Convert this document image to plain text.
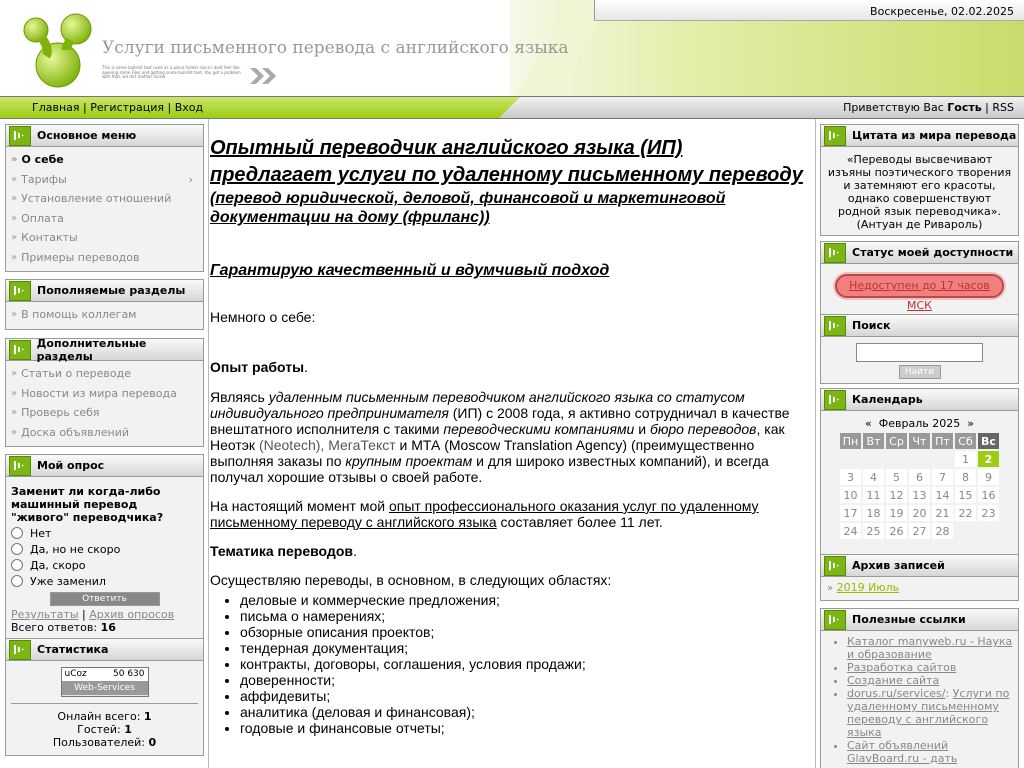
Воскресенье, 02.02.2025
Услуги письменного перевода с английского языка
This is some bullshit text used as a place holder since I dont feel like opening some Files and getting some bullshit text. You get a problem with that, we dirt mother fucker
Главная | Регистрация | Вход	Приветствую Вас Гость | RSS
Основное меню
» О себе
» Тарифы	›
» Установление отношений
» Оплата
» Контакты
» Примеры переводов
Пополняемые разделы
» В помощь коллегам
Дополнительные разделы
» Статьи о переводе
» Новости из мира перевода
» Проверь себя
» Доска объявлений
Мой опрос
Заменит ли когда-либо машинный перевод "живого" переводчика?
Нет
Да, но не скоро
Да, скоро
Уже заменил
Ответить
Результаты | Архив опросов
Всего ответов: 16
Статистика
uCoz	50 630
Web-Services
Онлайн всего: 1
Гостей: 1
Пользователей: 0
Опытный переводчик английского языка (ИП) предлагает услуги по удаленному письменному переводу
(перевод юридической, деловой, финансовой и маркетинговой документации на дому (фриланс))
Гарантирую качественный и вдумчивый подход

Немного о себе:

Опыт работы.

Являясь удаленным письменным переводчиком английского языка со статусом индивидуального предпринимателя (ИП) с 2008 года, я активно сотрудничал в качестве внештатного исполнителя с такими переводческими компаниями и бюро переводов, как Неотэк (Neotech), МегаТекст и МТА (Moscow Translation Agency) (преимущественно выполняя заказы по крупным проектам и для широко известных компаний), и всегда получал хорошие отзывы о своей работе.

На настоящий момент мой опыт профессионального оказания услуг по удаленному письменному переводу с английского языка составляет более 11 лет.

Тематика переводов.

Осуществляю переводы, в основном, в следующих областях:

• деловые и коммерческие предложения;
• письма о намерениях;
• обзорные описания проектов;
• тендерная документация;
• контракты, договоры, соглашения, условия продажи;
• доверенности;
• аффидевиты;
• аналитика (деловая и финансовая);
• годовые и финансовые отчеты;
Цитата из мира перевода
«Переводы высвечивают изъяны поэтического творения и затемняют его красоты, однако совершенствуют родной язык переводчика».
(Антуан де Ривароль)
Статус моей доступности
Недоступен до 17 часов МСК
Поиск
Найти
Календарь
« Февраль 2025 »
Пн	Вт	Ср	Чт	Пт	Сб	Вс
					1	2
3	4	5	6	7	8	9
10	11	12	13	14	15	16
17	18	19	20	21	22	23
24	25	26	27	28		
Архив записей
» 2019 Июль
Полезные ссылки
• Каталог manyweb.ru - Наука и образование
• Разработка сайтов
• Создание сайта
• dorus.ru/services/: Услуги по удаленному письменному переводу с английского языка
• Сайт объявлений GlavBoard.ru - дать
